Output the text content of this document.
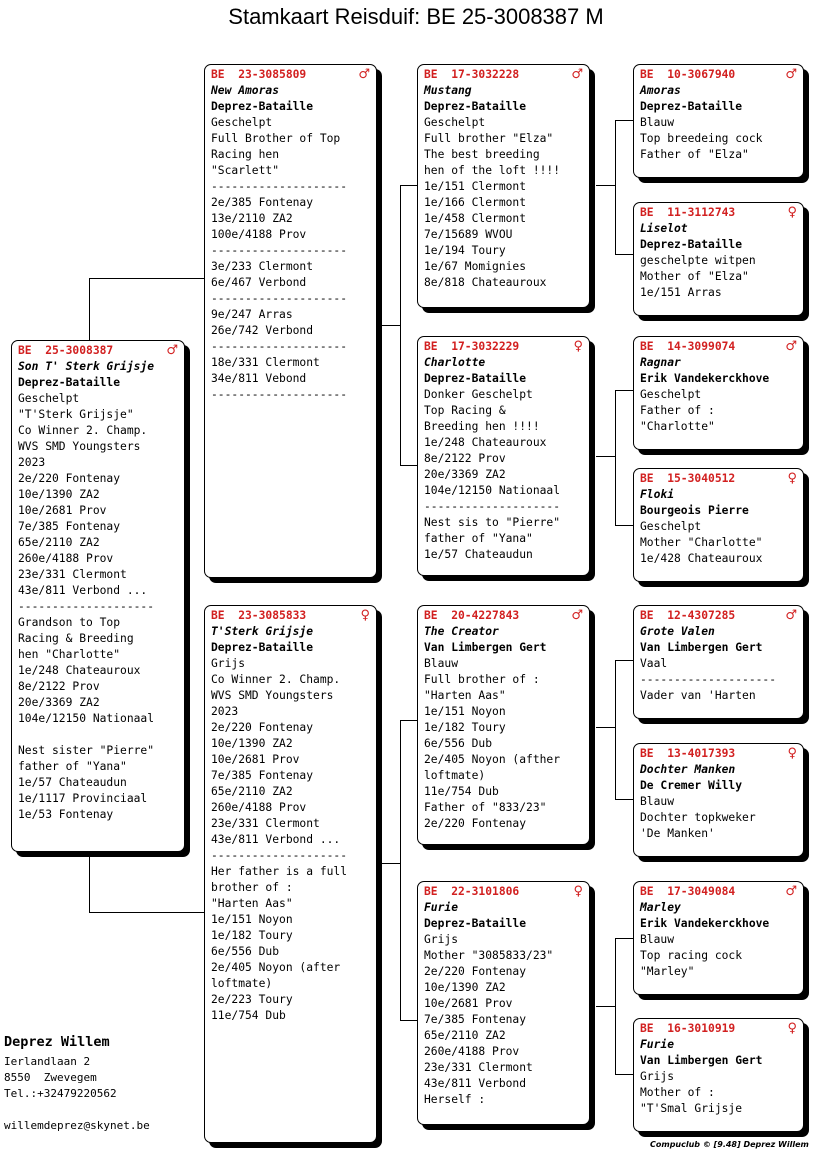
Stamkaart Reisduif: BE 25-3008387 M
BE  25-3008387	♂
Son T' Sterk Grijsje
Deprez-Bataille
Geschelpt
"T'Sterk Grijsje"
Co Winner 2. Champ.
WVS SMD Youngsters
2023
2e/220 Fontenay
10e/1390 ZA2
10e/2681 Prov
7e/385 Fontenay
65e/2110 ZA2
260e/4188 Prov
23e/331 Clermont
43e/811 Verbond ...
--------------------
Grandson to Top
Racing & Breeding
hen "Charlotte"
1e/248 Chateauroux
8e/2122 Prov
20e/3369 ZA2
104e/12150 Nationaal
Nest sister "Pierre"
father of "Yana"
1e/57 Chateaudun
1e/1117 Provinciaal
1e/53 Fontenay
BE  23-3085809	♂
New Amoras
Deprez-Bataille
Geschelpt
Full Brother of Top
Racing hen
"Scarlett"
--------------------
2e/385 Fontenay
13e/2110 ZA2
100e/4188 Prov
--------------------
3e/233 Clermont
6e/467 Verbond
--------------------
9e/247 Arras
26e/742 Verbond
--------------------
18e/331 Clermont
34e/811 Vebond
--------------------
BE  23-3085833	♀
T'Sterk Grijsje
Deprez-Bataille
Grijs
Co Winner 2. Champ.
WVS SMD Youngsters
2023
2e/220 Fontenay
10e/1390 ZA2
10e/2681 Prov
7e/385 Fontenay
65e/2110 ZA2
260e/4188 Prov
23e/331 Clermont
43e/811 Verbond ...
--------------------
Her father is a full
brother of :
"Harten Aas"
1e/151 Noyon
1e/182 Toury
6e/556 Dub
2e/405 Noyon (after
loftmate)
2e/223 Toury
11e/754 Dub
BE  17-3032228	♂
Mustang
Deprez-Bataille
Geschelpt
Full brother "Elza"
The best breeding
hen of the loft !!!!
1e/151 Clermont
1e/166 Clermont
1e/458 Clermont
7e/15689 WVOU
1e/194 Toury
1e/67 Momignies
8e/818 Chateauroux
BE  17-3032229	♀
Charlotte
Deprez-Bataille
Donker Geschelpt
Top Racing &
Breeding hen !!!!
1e/248 Chateauroux
8e/2122 Prov
20e/3369 ZA2
104e/12150 Nationaal
--------------------
Nest sis to "Pierre"
father of "Yana"
1e/57 Chateaudun
BE  20-4227843	♂
The Creator
Van Limbergen Gert
Blauw
Full brother of :
"Harten Aas"
1e/151 Noyon
1e/182 Toury
6e/556 Dub
2e/405 Noyon (afther
loftmate)
11e/754 Dub
Father of "833/23"
2e/220 Fontenay
BE  22-3101806	♀
Furie
Deprez-Bataille
Grijs
Mother "3085833/23"
2e/220 Fontenay
10e/1390 ZA2
10e/2681 Prov
7e/385 Fontenay
65e/2110 ZA2
260e/4188 Prov
23e/331 Clermont
43e/811 Verbond
Herself :
BE  10-3067940	♂
Amoras
Deprez-Bataille
Blauw
Top breedeing cock
Father of "Elza"
BE  11-3112743	♀
Liselot
Deprez-Bataille
geschelpte witpen
Mother of "Elza"
1e/151 Arras
BE  14-3099074	♂
Ragnar
Erik Vandekerckhove
Geschelpt
Father of :
"Charlotte"
BE  15-3040512	♀
Floki
Bourgeois Pierre
Geschelpt
Mother "Charlotte"
1e/428 Chateauroux
BE  12-4307285	♂
Grote Valen
Van Limbergen Gert
Vaal
--------------------
Vader van 'Harten
BE  13-4017393	♀
Dochter Manken
De Cremer Willy
Blauw
Dochter topkweker
'De Manken'
BE  17-3049084	♂
Marley
Erik Vandekerckhove
Blauw
Top racing cock
"Marley"
BE  16-3010919	♀
Furie
Van Limbergen Gert
Grijs
Mother of :
"T'Smal Grijsje
Deprez Willem
Ierlandlaan 2
8550  Zwevegem
Tel.:+32479220562
willemdeprez@skynet.be
Compuclub © [9.48] Deprez Willem
